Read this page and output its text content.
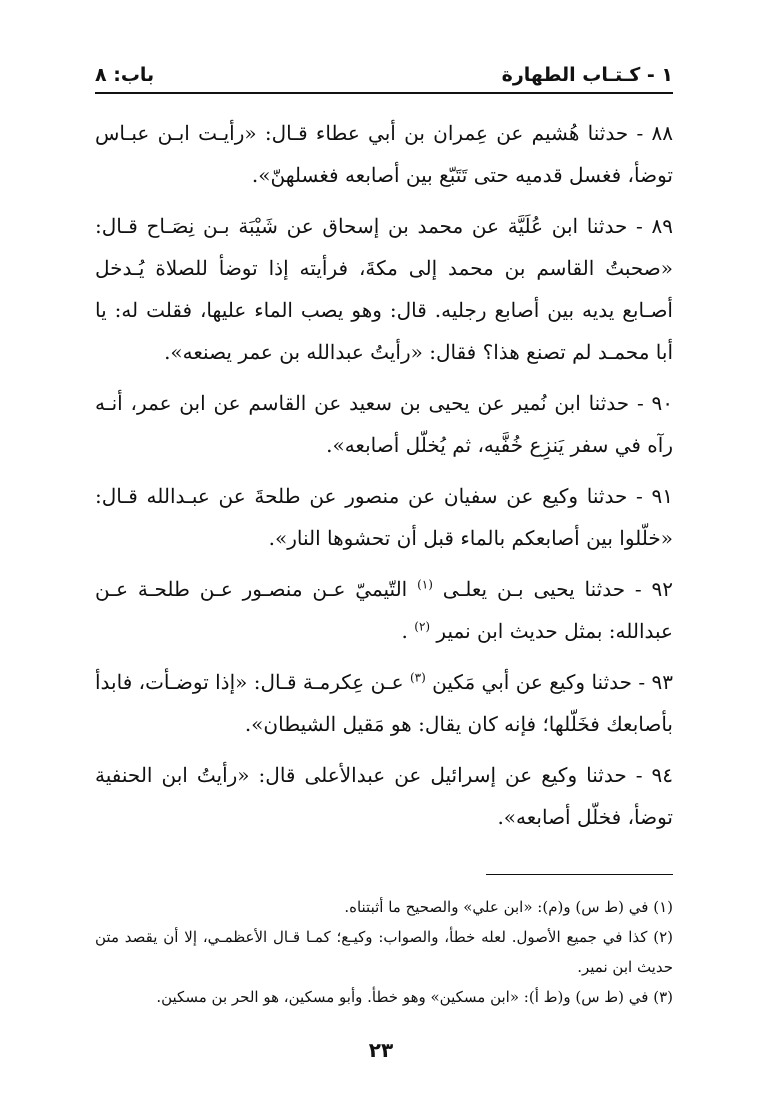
١ - كـتـاب الطهارة
باب: ٨

٨٨ - حدثنا هُشيم عن عِمران بن أبي عطاء قـال: «رأيـت ابـن عبـاس توضأ، فغسل قدميه حتى تَتَبّع بين أصابعه فغسلهنّ».

٨٩ - حدثنا ابن عُلَيَّة عن محمد بن إسحاق عن شَيْبَة بـن نِصَـاح قـال: «صحبتُ القاسم بن محمد إلى مكةَ، فرأيته إذا توضأ للصلاة يُـدخل أصـابع يديه بين أصابع رجليه. قال: وهو يصب الماء عليها، فقلت له: يا أبا محمـد لم تصنع هذا؟ فقال: «رأيتُ عبدالله بن عمر يصنعه».

٩٠ - حدثنا ابن نُمير عن يحيى بن سعيد عن القاسم عن ابن عمر، أنـه رآه في سفر يَنزِع خُفَّيه، ثم يُخلّل أصابعه».

٩١ - حدثنا وكيع عن سفيان عن منصور عن طلحةَ عن عبـدالله قـال: «خلّلوا بين أصابعكم بالماء قبل أن تحشوها النار».

٩٢ - حدثنا يحيى بـن يعلـى $^{(١)}$ التّيميّ عـن منصـور عـن طلحـة عـن عبدالله: بمثل حديث ابن نمير $^{(٢)}$ .

٩٣ - حدثنا وكيع عن أبي مَكين $^{(٣)}$ عـن عِكرمـة قـال: «إذا توضـأت، فابدأ بأصابعك فخَلّلها؛ فإنه كان يقال: هو مَقيل الشيطان».

٩٤ - حدثنا وكيع عن إسرائيل عن عبدالأعلى قال: «رأيتُ ابن الحنفية توضأ، فخلّل أصابعه».

(١) في (ط س) و(م): «ابن علي» والصحيح ما أثبتناه.

(٢) كذا في جميع الأصول. لعله خطأ، والصواب: وكيـع؛ كمـا قـال الأعظمـي، إلا أن يقصد متن حديث ابن نمير.

(٣) في (ط س) و(ط أ): «ابن مسكين» وهو خطأ. وأبو مسكين، هو الحر بن مسكين.

٢٣
